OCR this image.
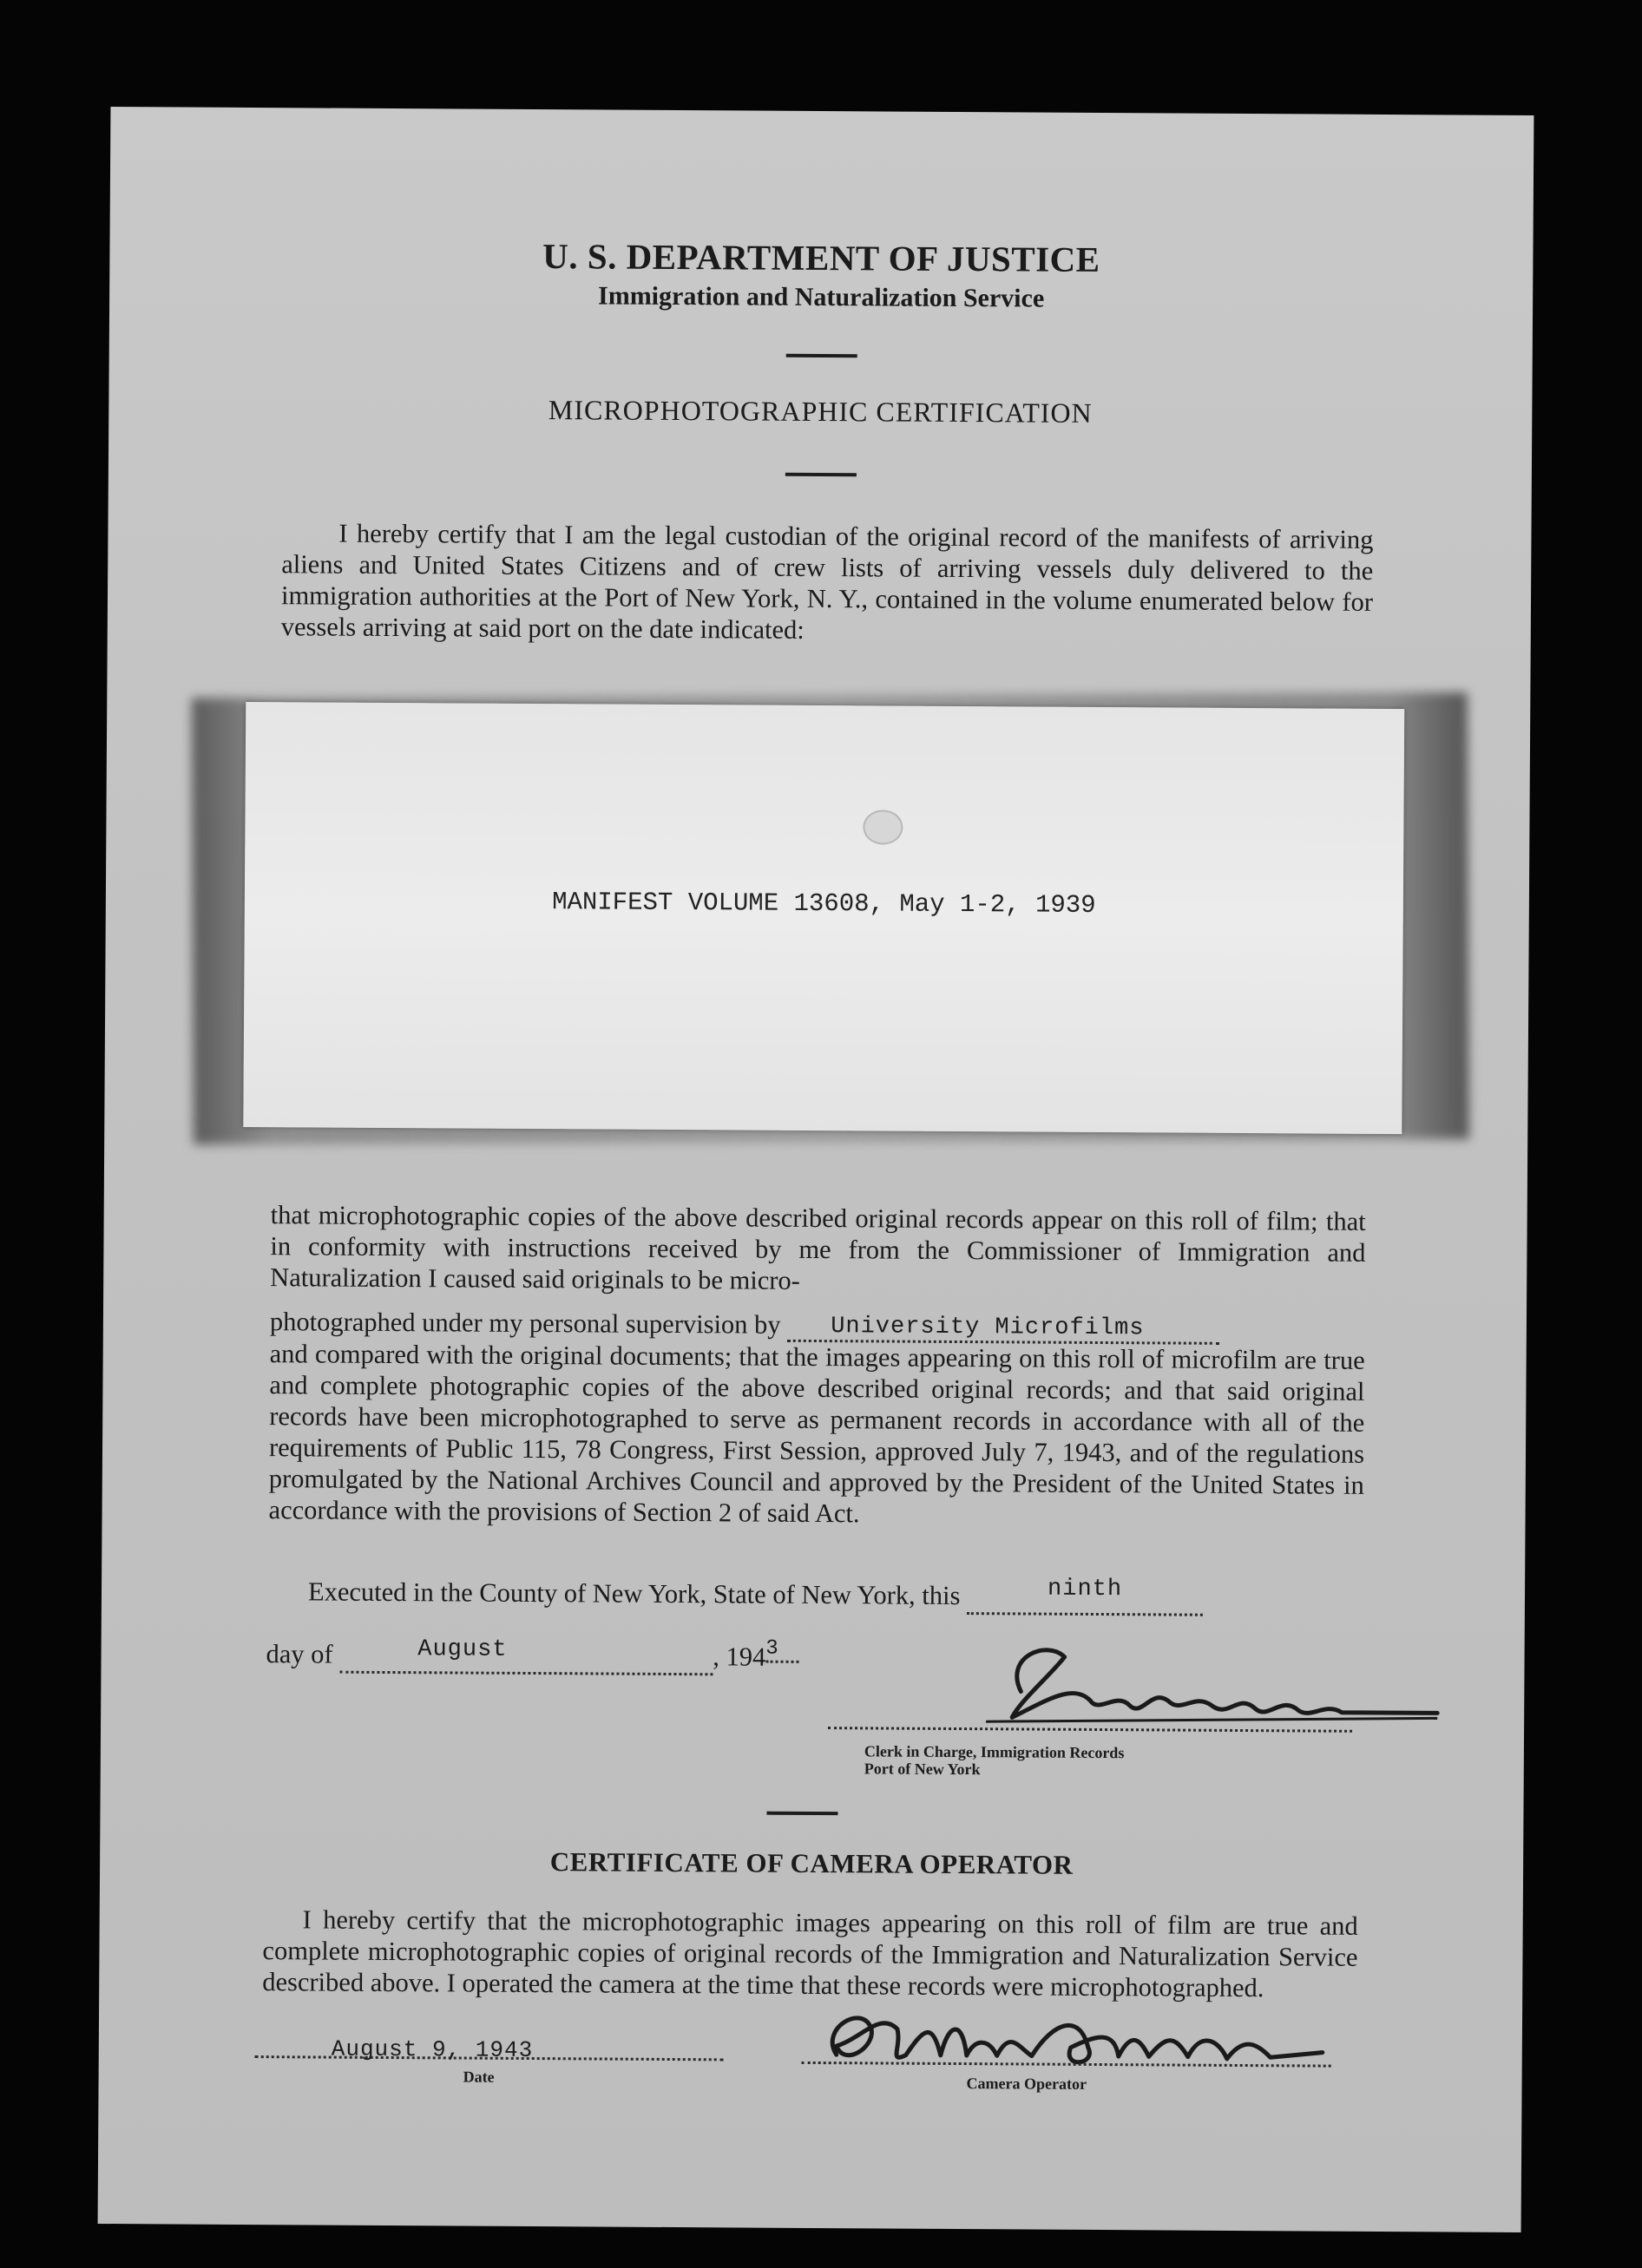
U. S. DEPARTMENT OF JUSTICE
Immigration and Naturalization Service
MICROPHOTOGRAPHIC CERTIFICATION

I hereby certify that I am the legal custodian of the original record of the manifests of arriving aliens and United States Citizens and of crew lists of arriving vessels duly delivered to the immigration authorities at the Port of New York, N. Y., contained in the volume enumerated below for vessels arriving at said port on the date indicated:

MANIFEST VOLUME 13608, May 1-2, 1939

that microphotographic copies of the above described original records appear on this roll of film; that in conformity with instructions received by me from the Commissioner of Immigration and Naturalization I caused said originals to be micro-

photographed under my personal supervision by University Microfilms

and compared with the original documents; that the images appearing on this roll of microfilm are true and complete photographic copies of the above described original records; and that said original records have been microphotographed to serve as permanent records in accordance with all of the requirements of Public 115, 78 Congress, First Session, approved July 7, 1943, and of the regulations promulgated by the National Archives Council and approved by the President of the United States in accordance with the provisions of Section 2 of said Act.

Executed in the County of New York, State of New York, this	ninth
day of	August	, 1943
Clerk in Charge, Immigration Records
Port of New York
CERTIFICATE OF CAMERA OPERATOR

I hereby certify that the microphotographic images appearing on this roll of film are true and complete microphotographic copies of original records of the Immigration and Naturalization Service described above. I operated the camera at the time that these records were microphotographed.

August 9, 1943
Date	Camera Operator
